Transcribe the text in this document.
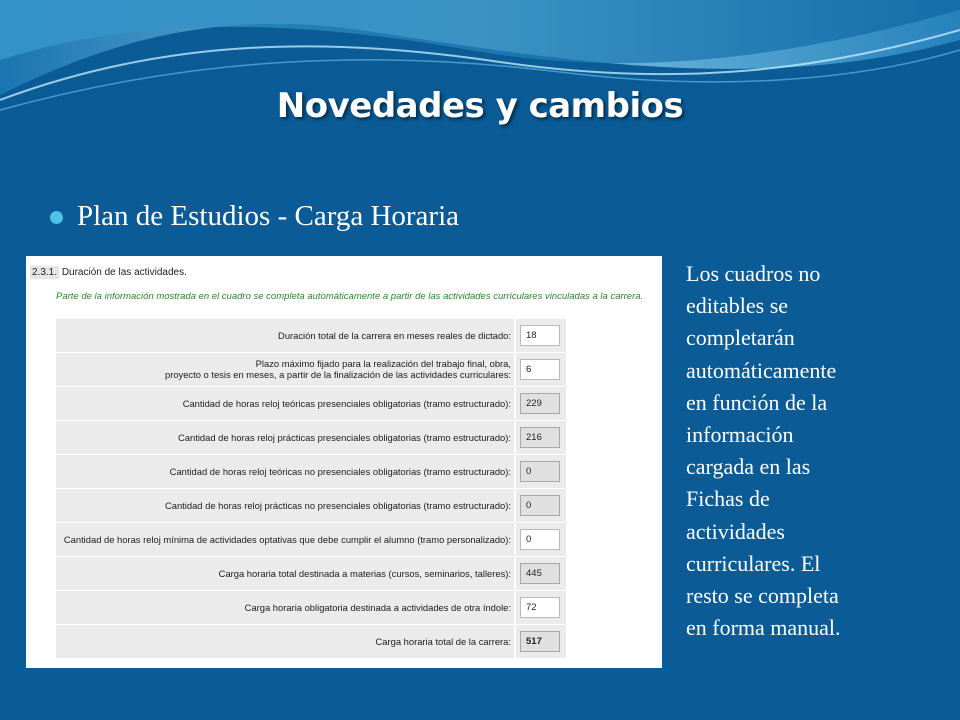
Novedades y cambios
Plan de Estudios - Carga Horaria
2.3.1. Duración de las actividades.
Parte de la información mostrada en el cuadro se completa automáticamente a partir de las actividades curriculares vinculadas a la carrera.
Duración total de la carrera en meses reales de dictado:	18
Plazo máximo fijado para la realización del trabajo final, obra,
proyecto o tesis en meses, a partir de la finalización de las actividades curriculares:	6
Cantidad de horas reloj teóricas presenciales obligatorias (tramo estructurado):	229
Cantidad de horas reloj prácticas presenciales obligatorias (tramo estructurado):	216
Cantidad de horas reloj teóricas no presenciales obligatorias (tramo estructurado):	0
Cantidad de horas reloj prácticas no presenciales obligatorias (tramo estructurado):	0
Cantidad de horas reloj mínima de actividades optativas que debe cumplir el alumno (tramo personalizado):	0
Carga horaria total destinada a materias (cursos, seminarios, talleres):	445
Carga horaria obligatoria destinada a actividades de otra índole:	72
Carga horaria total de la carrera:	517
Los cuadros no
editables se
completarán
automáticamente
en función de la
información
cargada en las
Fichas de
actividades
curriculares. El
resto se completa
en forma manual.
